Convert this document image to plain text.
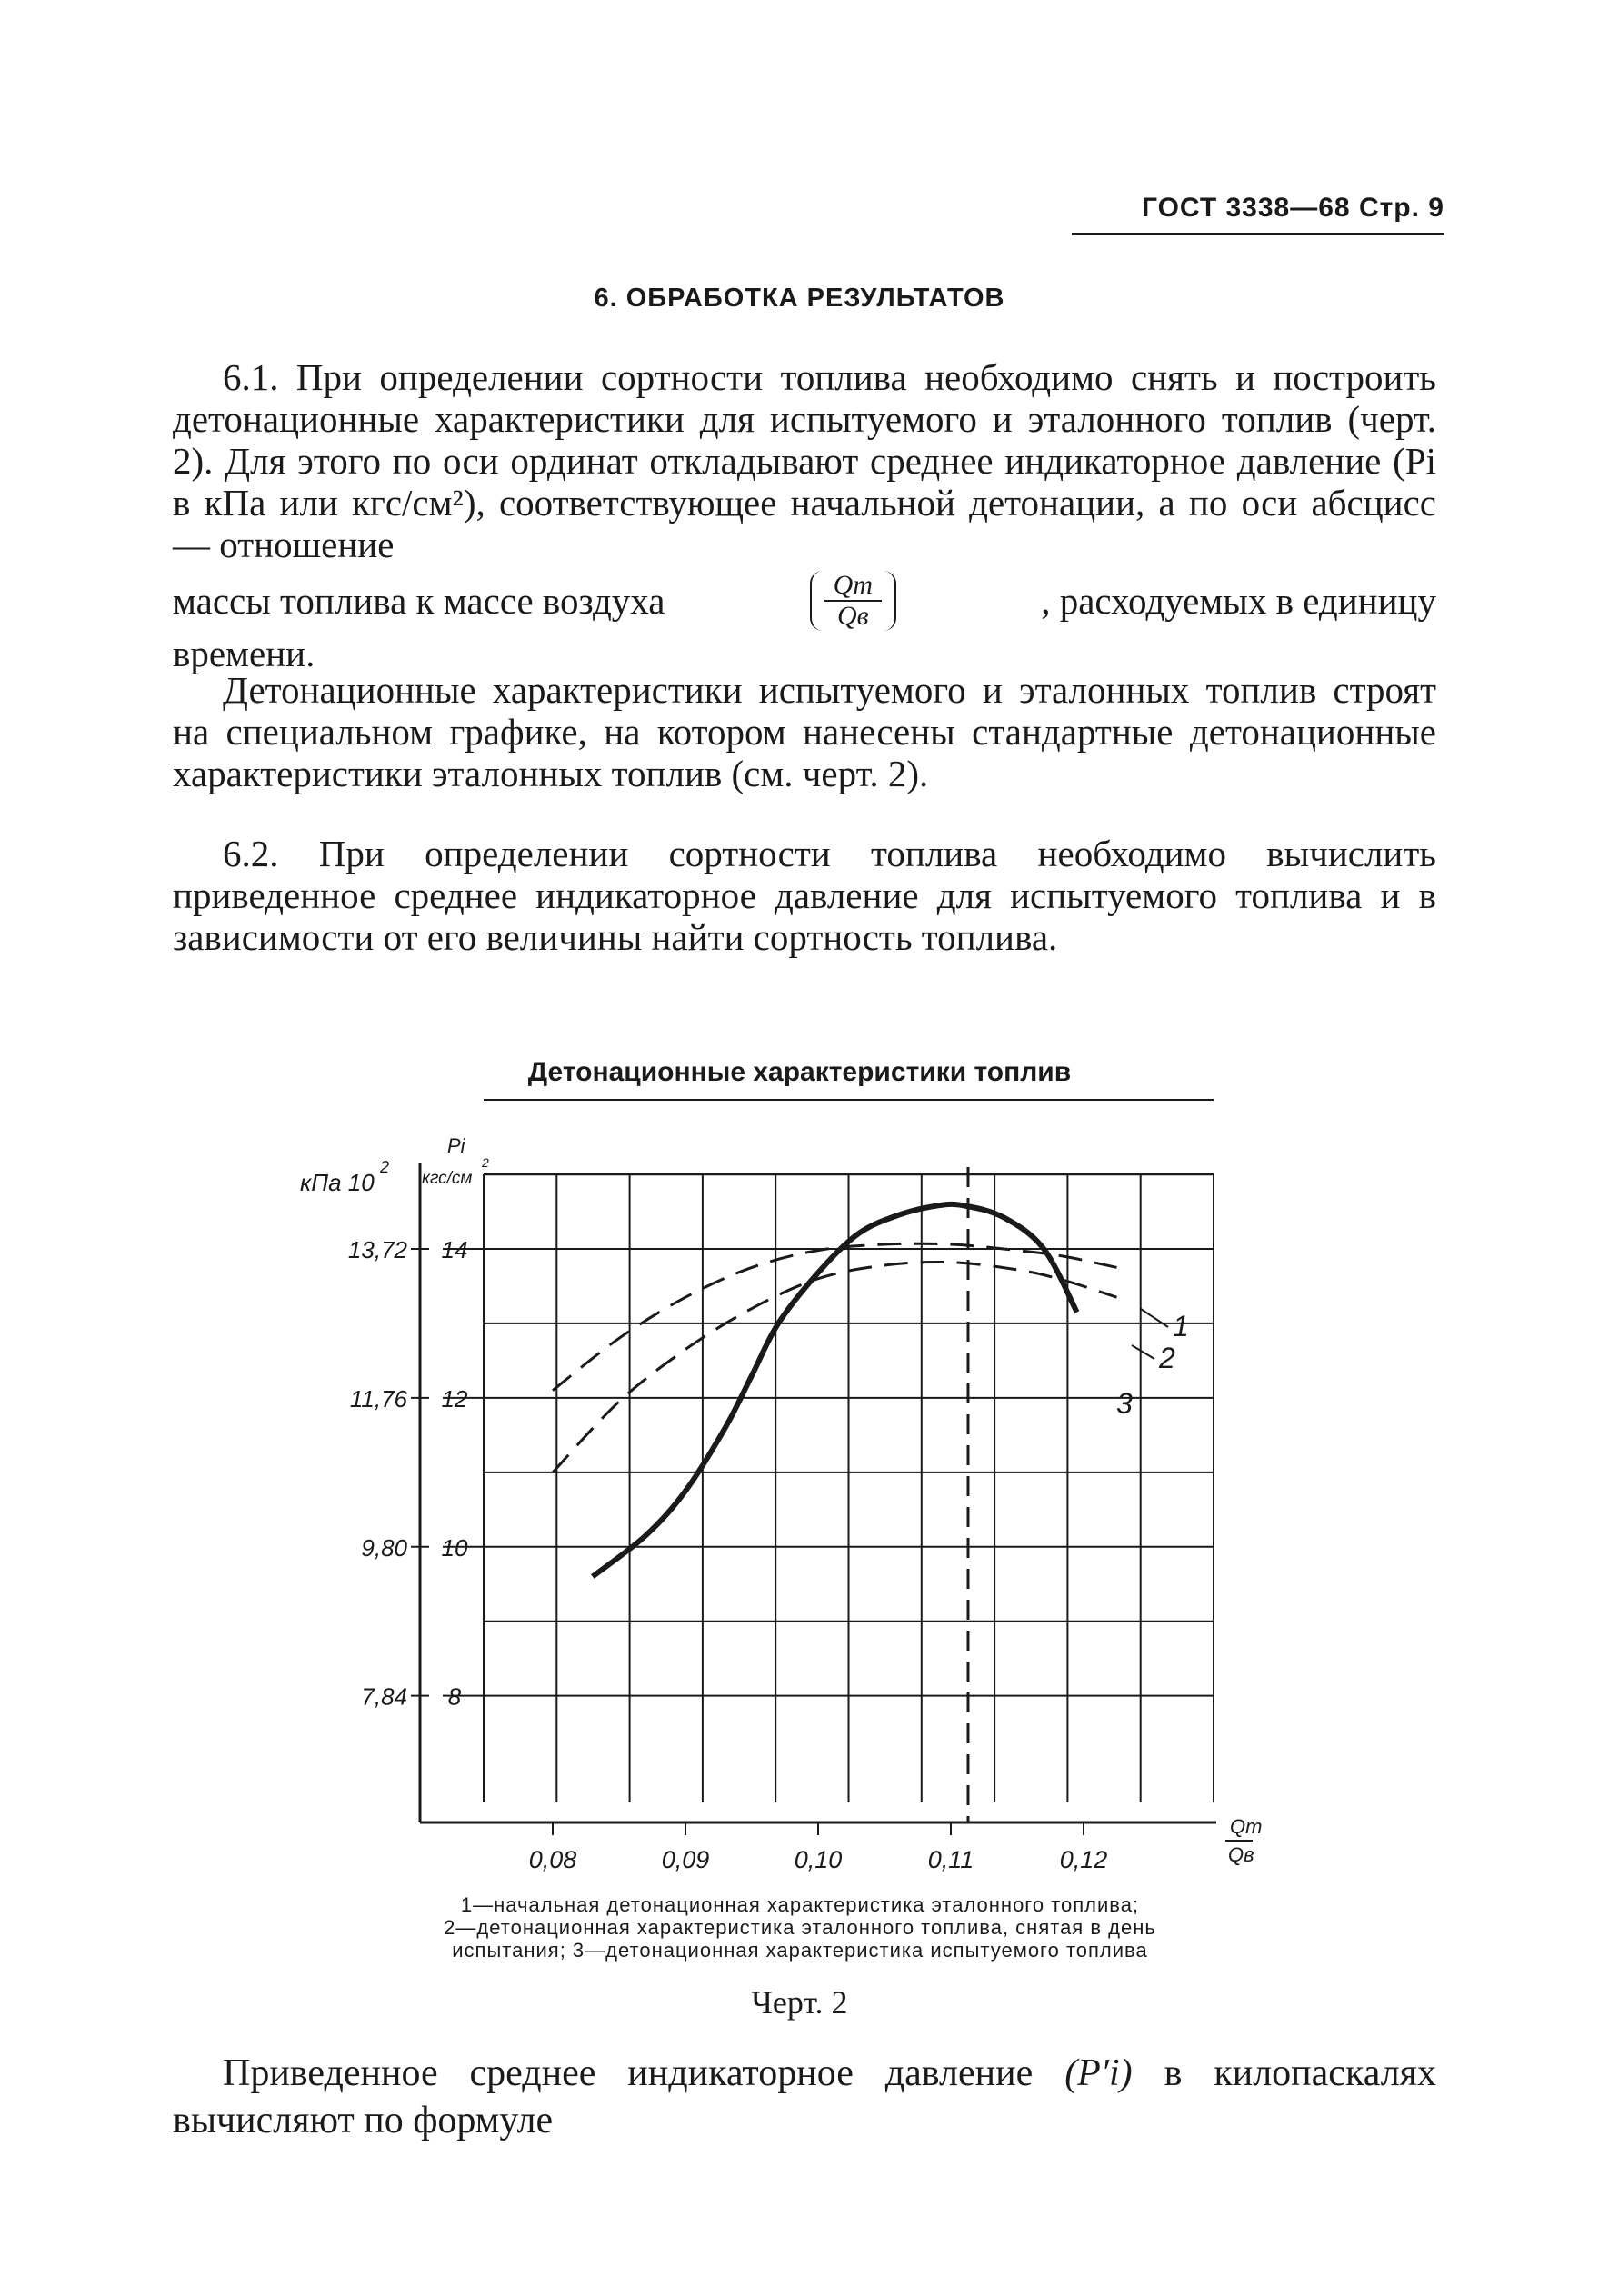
ГОСТ 3338—68 Стр. 9
6. ОБРАБОТКА РЕЗУЛЬТАТОВ
6.1. При определении сортности топлива необходимо снять и построить детонационные характеристики для испытуемого и эталонного топлив (черт. 2). Для этого по оси ординат откладывают среднее индикаторное давление (Pi в кПа или кгс/см²), соответствующее начальной детонации, а по оси абсцисс — отношение
массы топлива к массе воздуха	$\frac{Qт}{Qв}$	, расходуемых в единицу
времени.
Детонационные характеристики испытуемого и эталонных топлив строят на специальном графике, на котором нанесены стандартные детонационные характеристики эталонных топлив (см. черт. 2).
6.2. При определении сортности топлива необходимо вычислить приведенное среднее индикаторное давление для испытуемого топлива и в зависимости от его величины найти сортность топлива.
Детонационные характеристики топлив
8
10
12
14
7,84
9,80
11,76
13,72
0,08	0,09	0,10	0,11	0,12
кПа 10
2
Pi
кгс/см
2
Qт
Qв
1
2
3
1—начальная детонационная характеристика эталонного топлива;
2—детонационная характеристика эталонного топлива, снятая в день
испытания; 3—детонационная характеристика испытуемого топлива
Черт. 2
Приведенное среднее индикаторное давление (P′i) в килопаскалях вычисляют по формуле
